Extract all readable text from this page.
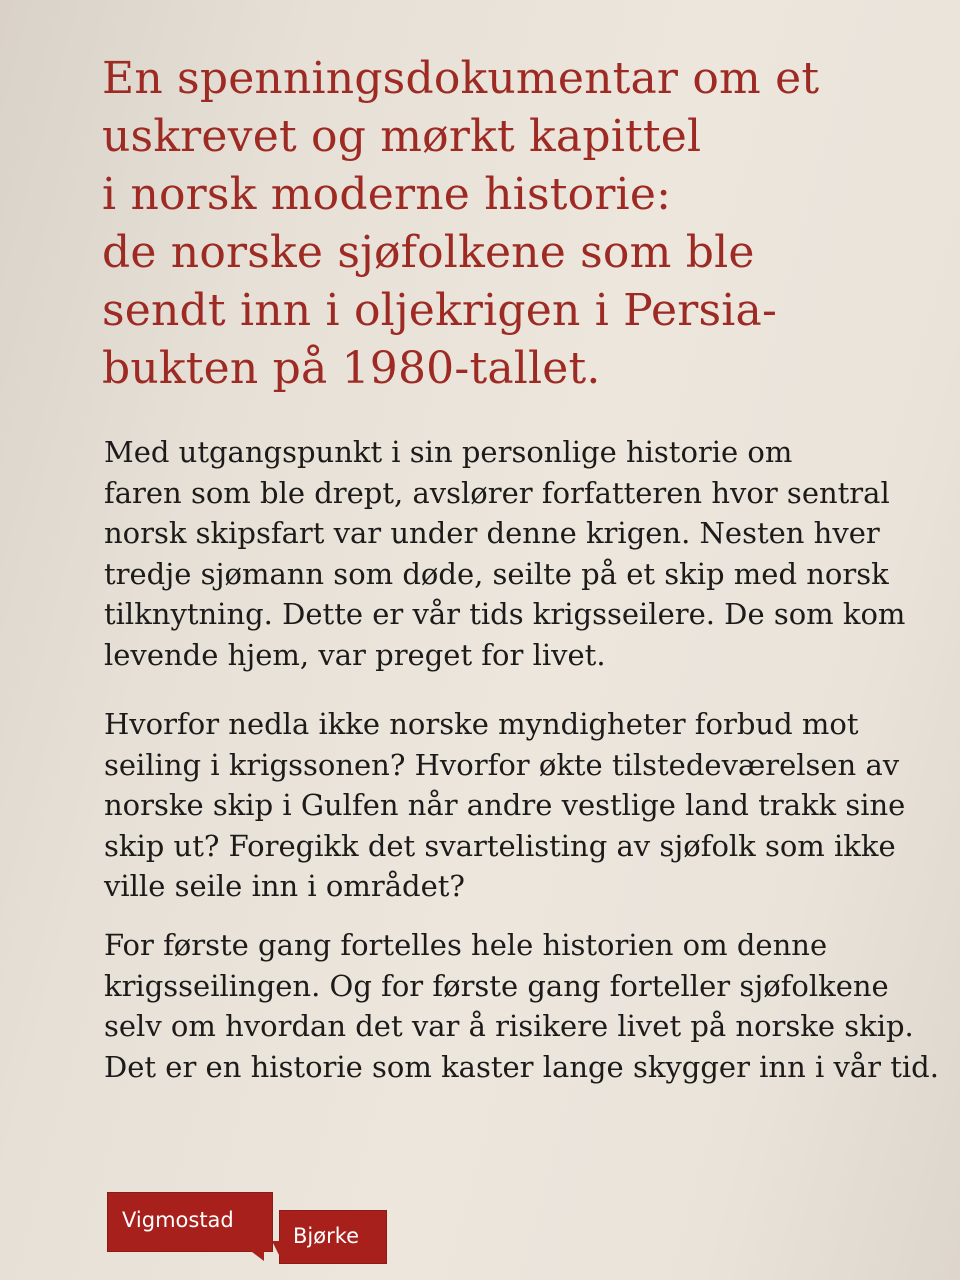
En spenningsdokumentar om et
uskrevet og mørkt kapittel
i norsk moderne historie:
de norske sjøfolkene som ble
sendt inn i oljekrigen i Persia-
bukten på 1980-tallet.

Med utgangspunkt i sin personlige historie om
faren som ble drept, avslører forfatteren hvor sentral
norsk skipsfart var under denne krigen. Nesten hver
tredje sjømann som døde, seilte på et skip med norsk
tilknytning. Dette er vår tids krigsseilere. De som kom
levende hjem, var preget for livet.

Hvorfor nedla ikke norske myndigheter forbud mot
seiling i krigssonen? Hvorfor økte tilstedeværelsen av
norske skip i Gulfen når andre vestlige land trakk sine
skip ut? Foregikk det svartelisting av sjøfolk som ikke
ville seile inn i området?

For første gang fortelles hele historien om denne
krigsseilingen. Og for første gang forteller sjøfolkene
selv om hvordan det var å risikere livet på norske skip.
Det er en historie som kaster lange skygger inn i vår tid.

Vigmostad
Bjørke
